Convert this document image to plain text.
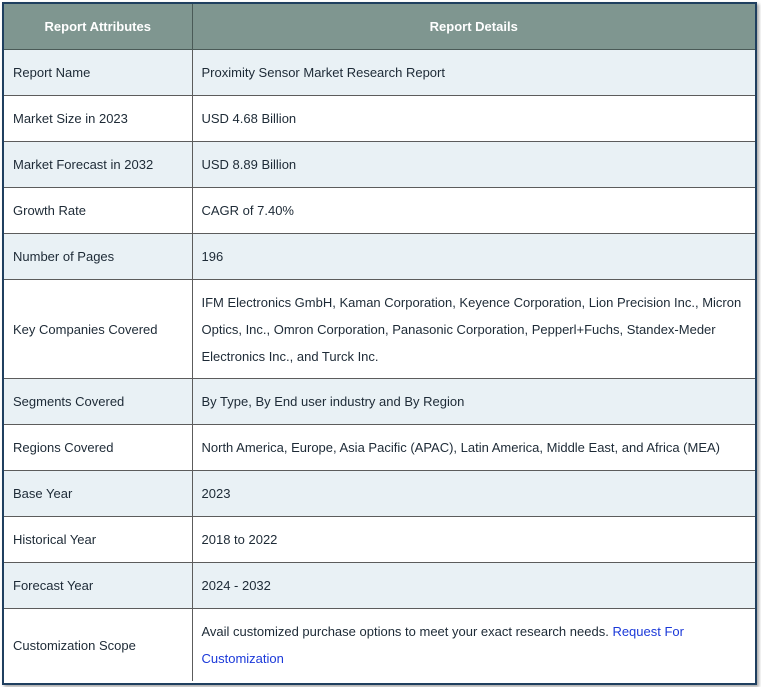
Report Attributes	Report Details
Report Name	Proximity Sensor Market Research Report
Market Size in 2023	USD 4.68 Billion
Market Forecast in 2032	USD 8.89 Billion
Growth Rate	CAGR of 7.40%
Number of Pages	196
Key Companies Covered	IFM Electronics GmbH, Kaman Corporation, Keyence Corporation, Lion Precision Inc., Micron Optics, Inc., Omron Corporation, Panasonic Corporation, Pepperl+Fuchs, Standex-Meder Electronics Inc., and Turck Inc.
Segments Covered	By Type, By End user industry and By Region
Regions Covered	North America, Europe, Asia Pacific (APAC), Latin America, Middle East, and Africa (MEA)
Base Year	2023
Historical Year	2018 to 2022
Forecast Year	2024 - 2032
Customization Scope	Avail customized purchase options to meet your exact research needs. Request For Customization
